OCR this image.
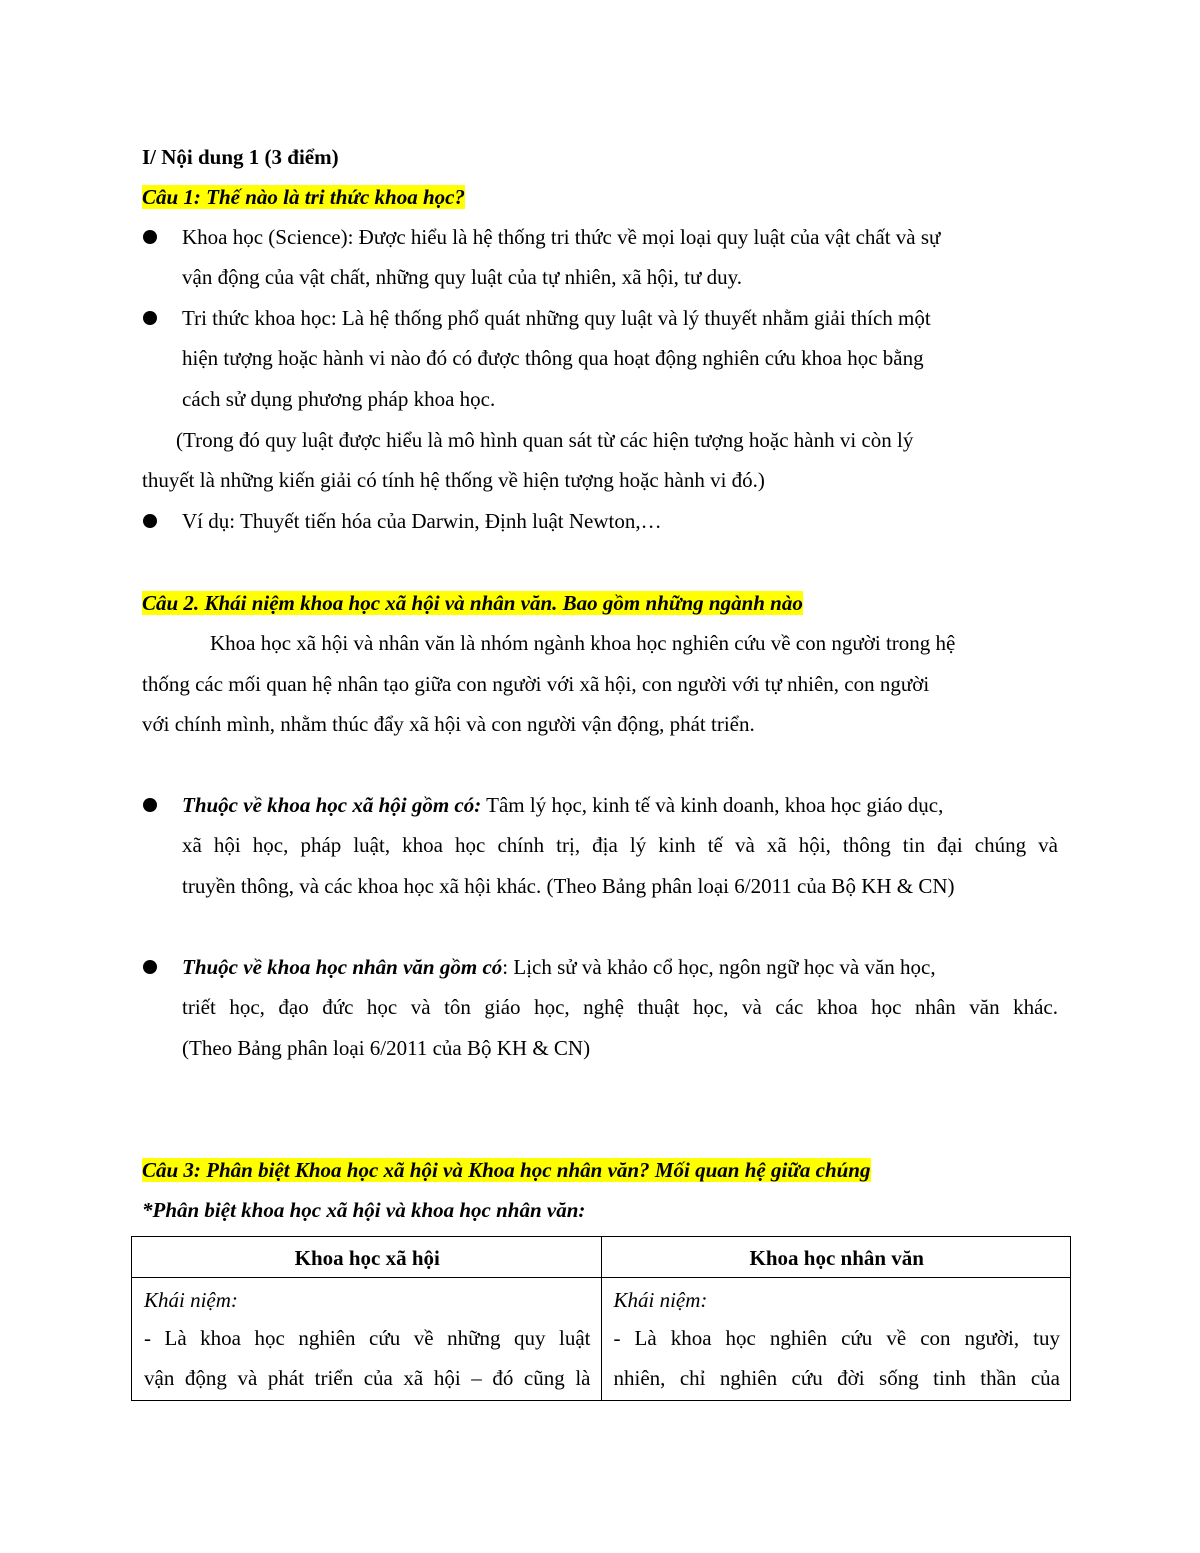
I/ Nội dung 1 (3 điểm)
Câu 1: Thế nào là tri thức khoa học?
Khoa học (Science): Được hiểu là hệ thống tri thức về mọi loại quy luật của vật chất và sự
vận động của vật chất, những quy luật của tự nhiên, xã hội, tư duy.
Tri thức khoa học: Là hệ thống phổ quát những quy luật và lý thuyết nhằm giải thích một
hiện tượng hoặc hành vi nào đó có được thông qua hoạt động nghiên cứu khoa học bằng
cách sử dụng phương pháp khoa học.
(Trong đó quy luật được hiểu là mô hình quan sát từ các hiện tượng hoặc hành vi còn lý
thuyết là những kiến giải có tính hệ thống về hiện tượng hoặc hành vi đó.)
Ví dụ: Thuyết tiến hóa của Darwin, Định luật Newton,…
Câu 2. Khái niệm khoa học xã hội và nhân văn. Bao gồm những ngành nào
Khoa học xã hội và nhân văn là nhóm ngành khoa học nghiên cứu về con người trong hệ
thống các mối quan hệ nhân tạo giữa con người với xã hội, con người với tự nhiên, con người
với chính mình, nhằm thúc đẩy xã hội và con người vận động, phát triển.
Thuộc về khoa học xã hội gồm có: Tâm lý học, kinh tế và kinh doanh, khoa học giáo dục,
xã hội học, pháp luật, khoa học chính trị, địa lý kinh tế và xã hội, thông tin đại chúng và
truyền thông, và các khoa học xã hội khác. (Theo Bảng phân loại 6/2011 của Bộ KH & CN)
Thuộc về khoa học nhân văn gồm có: Lịch sử và khảo cổ học, ngôn ngữ học và văn học,
triết học, đạo đức học và tôn giáo học, nghệ thuật học, và các khoa học nhân văn khác.
(Theo Bảng phân loại 6/2011 của Bộ KH & CN)
Câu 3: Phân biệt Khoa học xã hội và Khoa học nhân văn? Mối quan hệ giữa chúng
*Phân biệt khoa học xã hội và khoa học nhân văn:
Khoa học xã hội	Khoa học nhân văn

Khái niệm:
- Là khoa học nghiên cứu về những quy luật
vận động và phát triển của xã hội – đó cũng là	Khái niệm:
- Là khoa học nghiên cứu về con người, tuy
nhiên, chỉ nghiên cứu đời sống tinh thần của
